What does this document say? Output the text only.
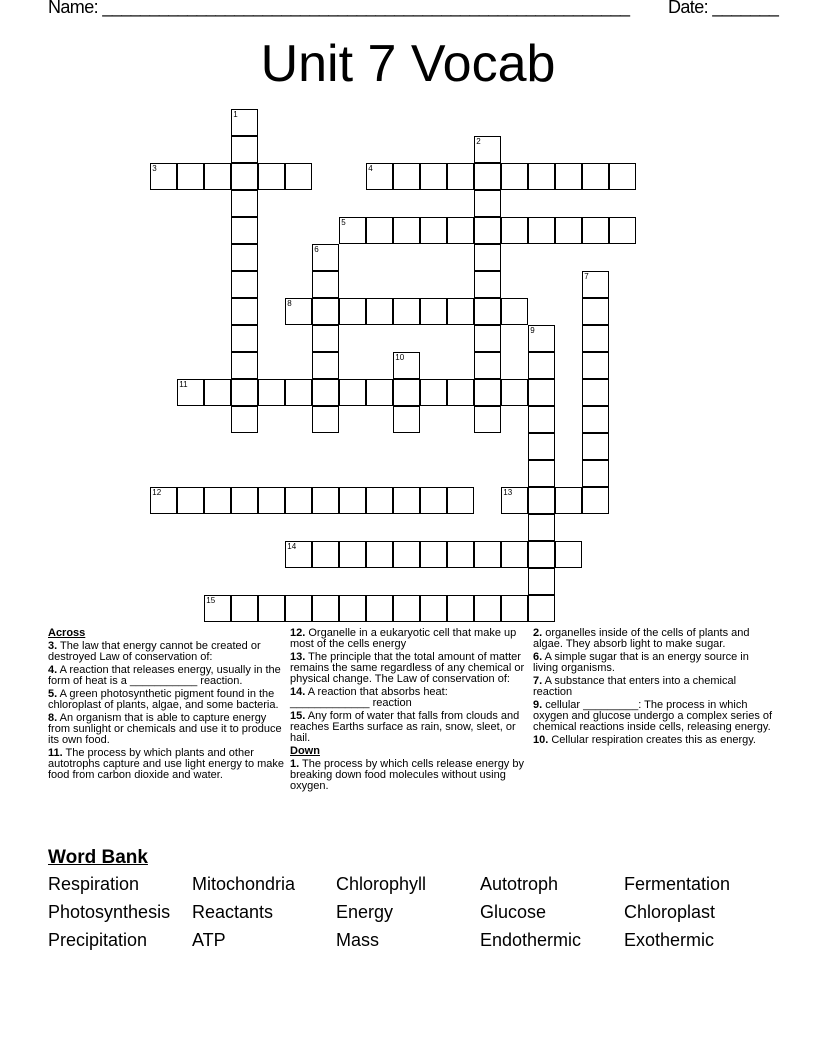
Name: ________________________________________________________ Date: _______
Unit 7 Vocab
1
2
3	4
5
6
7
8
9
10
11
12	13
14
15
Across

3. The law that energy cannot be created or destroyed Law of conservation of:

4. A reaction that releases energy, usually in the form of heat is a ___________ reaction.

5. A green photosynthetic pigment found in the chloroplast of plants, algae, and some bacteria.

8. An organism that is able to capture energy from sunlight or chemicals and use it to produce its own food.

11. The process by which plants and other autotrophs capture and use light energy to make food from carbon dioxide and water.

12. Organelle in a eukaryotic cell that make up most of the cells energy

13. The principle that the total amount of matter remains the same regardless of any chemical or physical change. The Law of conservation of:

14. A reaction that absorbs heat: _____________ reaction

15. Any form of water that falls from clouds and reaches Earths surface as rain, snow, sleet, or hail.

Down

1. The process by which cells release energy by breaking down food molecules without using oxygen.

2. organelles inside of the cells of plants and algae. They absorb light to make sugar.

6. A simple sugar that is an energy source in living organisms.

7. A substance that enters into a chemical reaction

9. cellular _________: The process in which oxygen and glucose undergo a complex series of chemical reactions inside cells, releasing energy.

10. Cellular respiration creates this as energy.

Word Bank
Respiration	Mitochondria	Chlorophyll	Autotroph	Fermentation
Photosynthesis	Reactants	Energy	Glucose	Chloroplast
Precipitation	ATP	Mass	Endothermic	Exothermic
